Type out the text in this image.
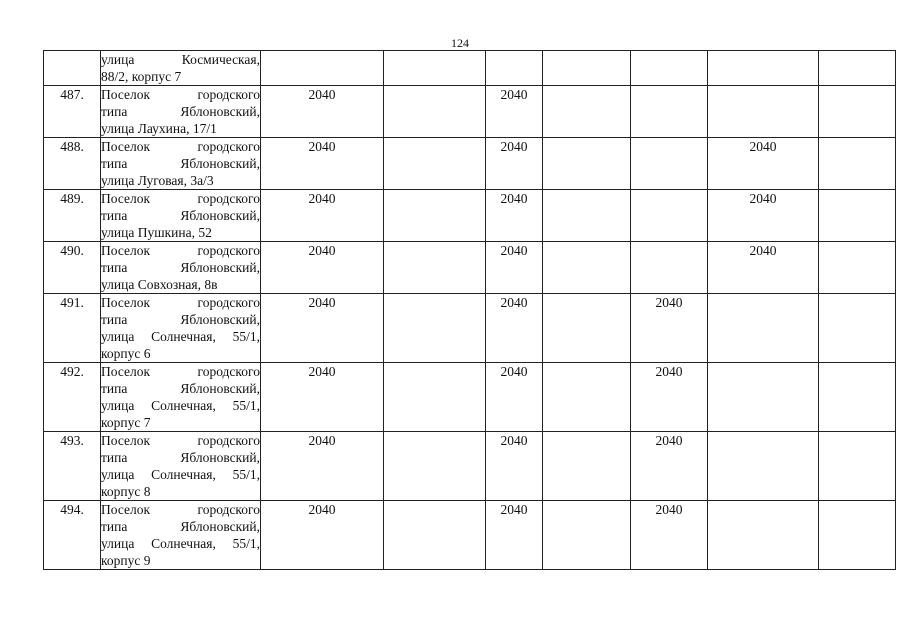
124

	улица Космическая,
88/2, корпус 7							

487.	Поселок городского
типа Яблоновский,
улица Лаухина, 17/1	2040		2040				
488.	Поселок городского
типа Яблоновский,
улица Луговая, 3а/3	2040		2040			2040	
489.	Поселок городского
типа Яблоновский,
улица Пушкина, 52	2040		2040			2040	
490.	Поселок городского
типа Яблоновский,
улица Совхозная, 8в	2040		2040			2040	
491.	Поселок городского
типа Яблоновский,
улица Солнечная, 55/1,
корпус 6	2040		2040		2040		
492.	Поселок городского
типа Яблоновский,
улица Солнечная, 55/1,
корпус 7	2040		2040		2040		
493.	Поселок городского
типа Яблоновский,
улица Солнечная, 55/1,
корпус 8	2040		2040		2040		
494.	Поселок городского
типа Яблоновский,
улица Солнечная, 55/1,
корпус 9	2040		2040		2040		
